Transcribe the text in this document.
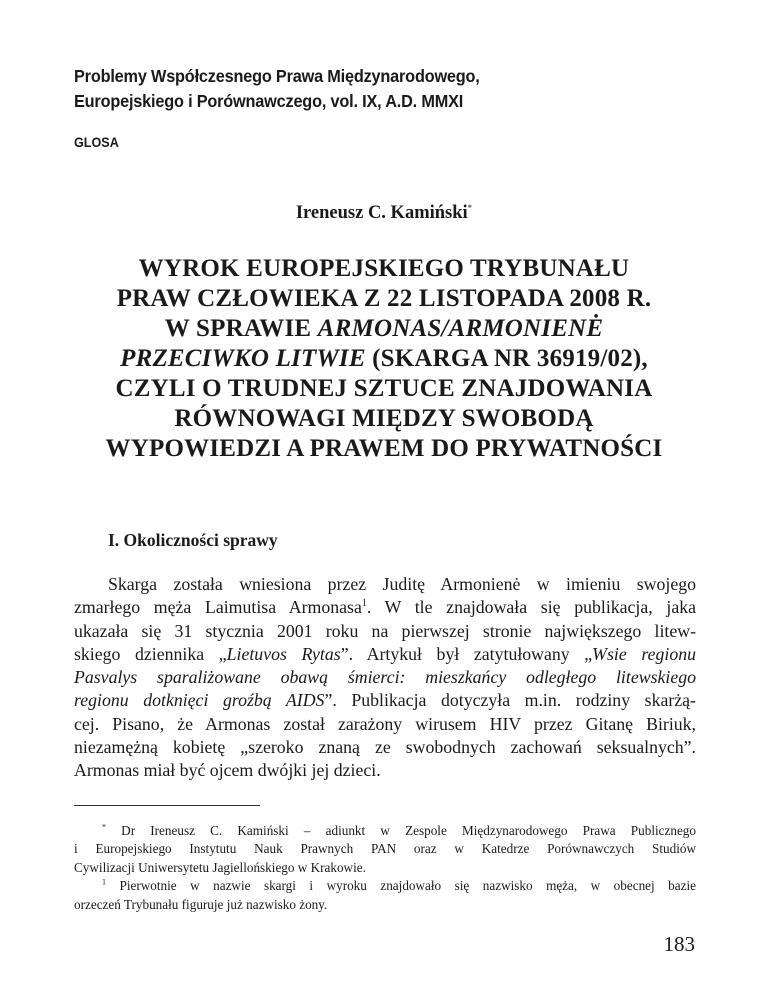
Problemy Współczesnego Prawa Międzynarodowego,
Europejskiego i Porównawczego, vol. IX, A.D. MMXI
GLOSA
Ireneusz C. Kamiński*
WYROK EUROPEJSKIEGO TRYBUNAŁU
PRAW CZŁOWIEKA Z 22 LISTOPADA 2008 R.
W SPRAWIE ARMONAS/ARMONIENĖ
PRZECIWKO LITWIE (SKARGA NR 36919/02),
CZYLI O TRUDNEJ SZTUCE ZNAJDOWANIA
RÓWNOWAGI MIĘDZY SWOBODĄ
WYPOWIEDZI A PRAWEM DO PRYWATNOŚCI
I. Okoliczności sprawy

Skarga została wniesiona przez Juditę Armonienė w imieniu swojego
zmarłego męża Laimutisa Armonasa$^1$. W tle znajdowała się publikacja, jaka
ukazała się 31 stycznia 2001 roku na pierwszej stronie największego litew-
skiego dziennika „Lietuvos Rytas”. Artykuł był zatytułowany „Wsie regionu
Pasvalys sparaliżowane obawą śmierci: mieszkańcy odległego litewskiego
regionu dotknięci groźbą AIDS”. Publikacja dotyczyła m.in. rodziny skarżą-
cej. Pisano, że Armonas został zarażony wirusem HIV przez Gitanę Biriuk,
niezamężną kobietę „szeroko znaną ze swobodnych zachowań seksualnych”.
Armonas miał być ojcem dwójki jej dzieci.

* Dr Ireneusz C. Kamiński – adiunkt w Zespole Międzynarodowego Prawa Publicznego
i Europejskiego Instytutu Nauk Prawnych PAN oraz w Katedrze Porównawczych Studiów
Cywilizacji Uniwersytetu Jagiellońskiego w Krakowie.
$^1$ Pierwotnie w nazwie skargi i wyroku znajdowało się nazwisko męża, w obecnej bazie
orzeczeń Trybunału figuruje już nazwisko żony.
183
